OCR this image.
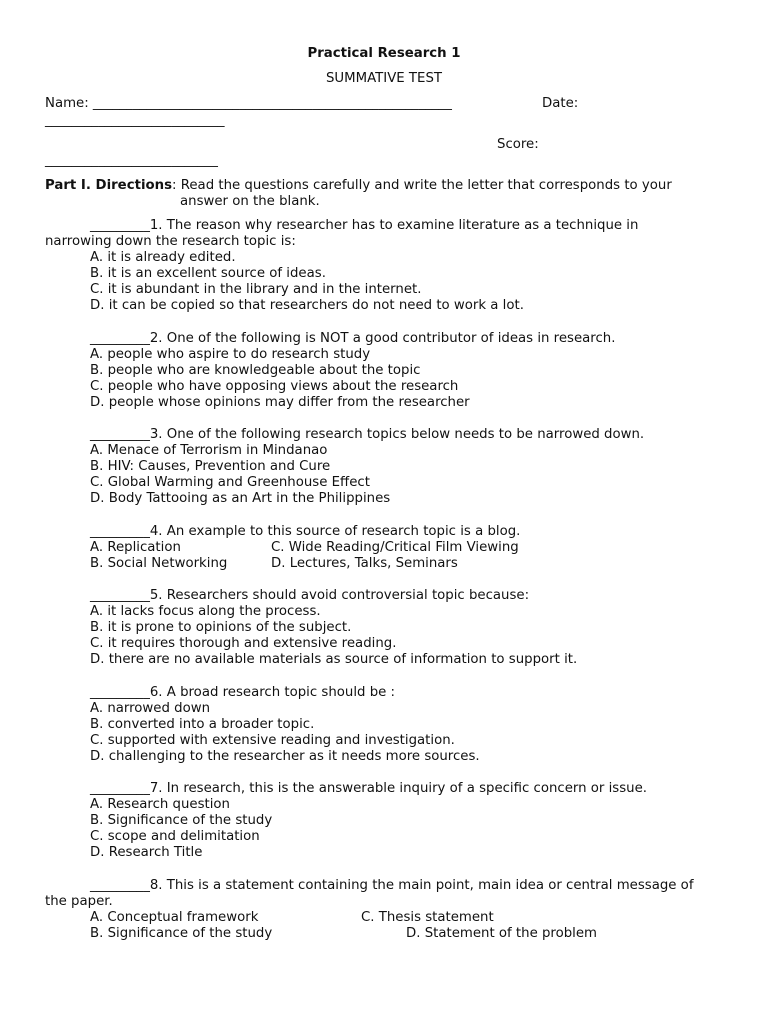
Practical Research 1
SUMMATIVE TEST
Name: ______________________________________________________	Date:
___________________________
Score:
__________________________
Part I. Directions: Read the questions carefully and write the letter that corresponds to your
answer on the blank.
_________1. The reason why researcher has to examine literature as a technique in
narrowing down the research topic is:
A. it is already edited.
B. it is an excellent source of ideas.
C. it is abundant in the library and in the internet.
D. it can be copied so that researchers do not need to work a lot.
_________2. One of the following is NOT a good contributor of ideas in research.
A. people who aspire to do research study
B. people who are knowledgeable about the topic
C. people who have opposing views about the research
D. people whose opinions may differ from the researcher
_________3. One of the following research topics below needs to be narrowed down.
A. Menace of Terrorism in Mindanao
B. HIV: Causes, Prevention and Cure
C. Global Warming and Greenhouse Effect
D. Body Tattooing as an Art in the Philippines
_________4. An example to this source of research topic is a blog.
A. Replication	C. Wide Reading/Critical Film Viewing
B. Social Networking	D. Lectures, Talks, Seminars
_________5. Researchers should avoid controversial topic because:
A. it lacks focus along the process.
B. it is prone to opinions of the subject.
C. it requires thorough and extensive reading.
D. there are no available materials as source of information to support it.
_________6. A broad research topic should be :
A. narrowed down
B. converted into a broader topic.
C. supported with extensive reading and investigation.
D. challenging to the researcher as it needs more sources.
_________7. In research, this is the answerable inquiry of a specific concern or issue.
A. Research question
B. Significance of the study
C. scope and delimitation
D. Research Title
_________8. This is a statement containing the main point, main idea or central message of
the paper.
A. Conceptual framework	C. Thesis statement
B. Significance of the study	D. Statement of the problem
